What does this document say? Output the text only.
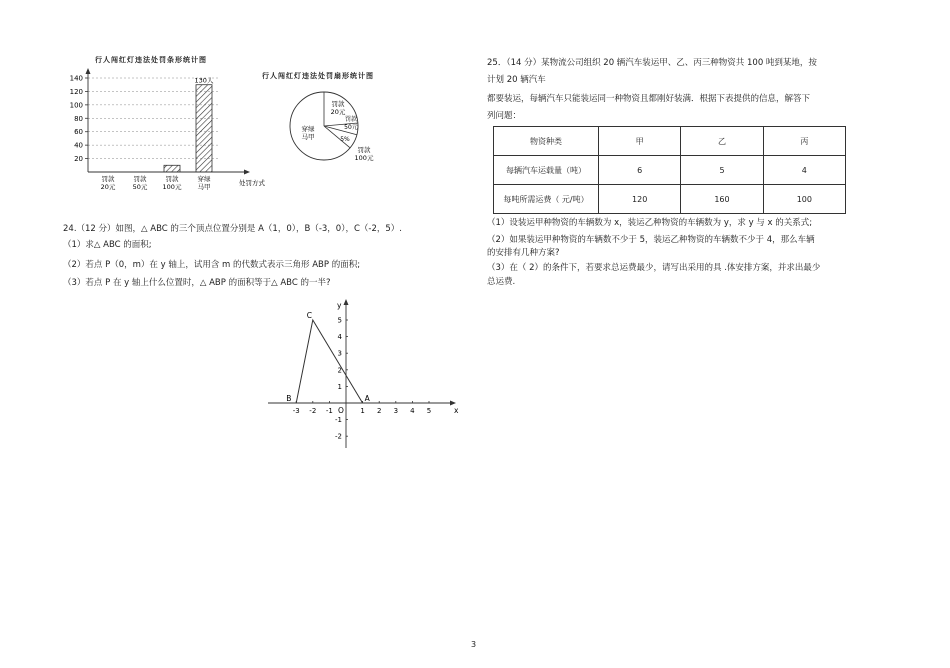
行人闯红灯违法处罚条形统计图
20
40
60
80
100
120
140
罚款
20元
罚款
50元
罚款
100元
穿绿
马甲
130人
处罚方式
行人闯红灯违法处罚扇形统计图
罚款
20元
罚款
50元
罚款
100元
穿绿
马甲	5%
24.（12 分）如图，△ ABC 的三个顶点位置分别是 A（1，0），B（-3，0），C（-2，5）.
（1）求△ ABC 的面积;
（2）若点 P（0，m）在 y 轴上，试用含 m 的代数式表示三角形 ABP 的面积;
（3）若点 P 在 y 轴上什么位置时，△ ABP 的面积等于△ ABC 的一半?
x
y
O
-3 -2 -1	1 2 3 4 5
5
4
3
2
1
-1
-2
A
B
C
25．（14 分）某物流公司组织 20 辆汽车装运甲、乙、丙三种物资共 100 吨到某地，按
计划 20 辆汽车
都要装运，每辆汽车只能装运同一种物资且都刚好装满．根据下表提供的信息，解答下
列问题：
物资种类	甲	乙	丙
每辆汽车运载量（吨）	6	5	4
每吨所需运费（ 元/吨）	120	160	100
（1）设装运甲种物资的车辆数为 x，装运乙种物资的车辆数为 y，求 y 与 x 的关系式;
（2）如果装运甲种物资的车辆数不少于 5，装运乙种物资的车辆数不少于 4，那么车辆
的安排有几种方案?
（3）在（ 2）的条件下，若要求总运费最少，请写出采用的具 .体安排方案，并求出最少
总运费.
3
